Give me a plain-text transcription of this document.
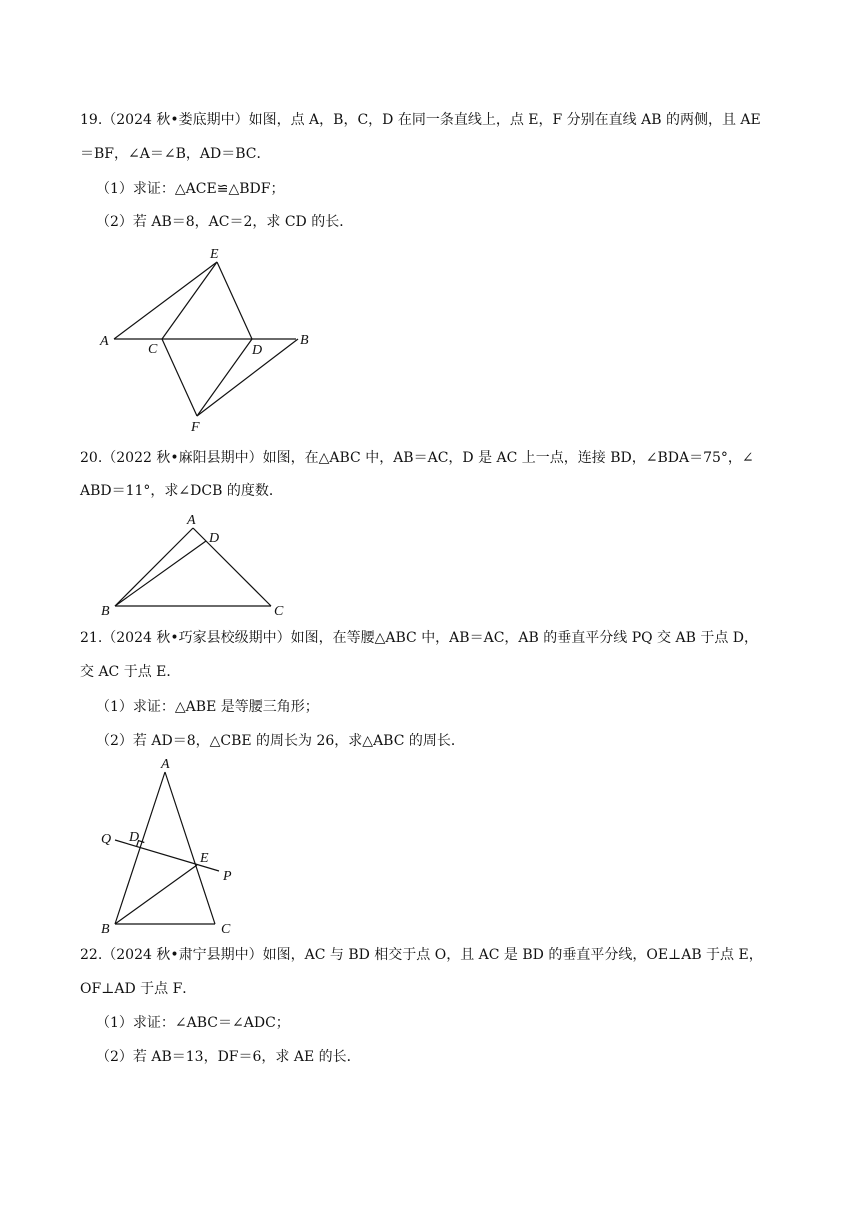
19.（2024 秋•娄底期中）如图，点 A，B，C，D 在同一条直线上，点 E，F 分别在直线 AB 的两侧，且 AE
＝BF，∠A＝∠B，AD＝BC．
（1）求证：△ACE≌△BDF；
（2）若 AB＝8，AC＝2，求 CD 的长．
A	B
C	D
E
F
20.（2022 秋•麻阳县期中）如图，在△ABC 中，AB＝AC，D 是 AC 上一点，连接 BD，∠BDA＝75°，∠
ABD＝11°，求∠DCB 的度数．
A
B	C
D
21.（2024 秋•巧家县校级期中）如图，在等腰△ABC 中，AB＝AC，AB 的垂直平分线 PQ 交 AB 于点 D，
交 AC 于点 E．
（1）求证：△ABE 是等腰三角形；
（2）若 AD＝8，△CBE 的周长为 26，求△ABC 的周长．
A
B	C
D
E
P
Q
22.（2024 秋•肃宁县期中）如图，AC 与 BD 相交于点 O，且 AC 是 BD 的垂直平分线，OE⊥AB 于点 E，
OF⊥AD 于点 F．
（1）求证：∠ABC＝∠ADC；
（2）若 AB＝13，DF＝6，求 AE 的长．
